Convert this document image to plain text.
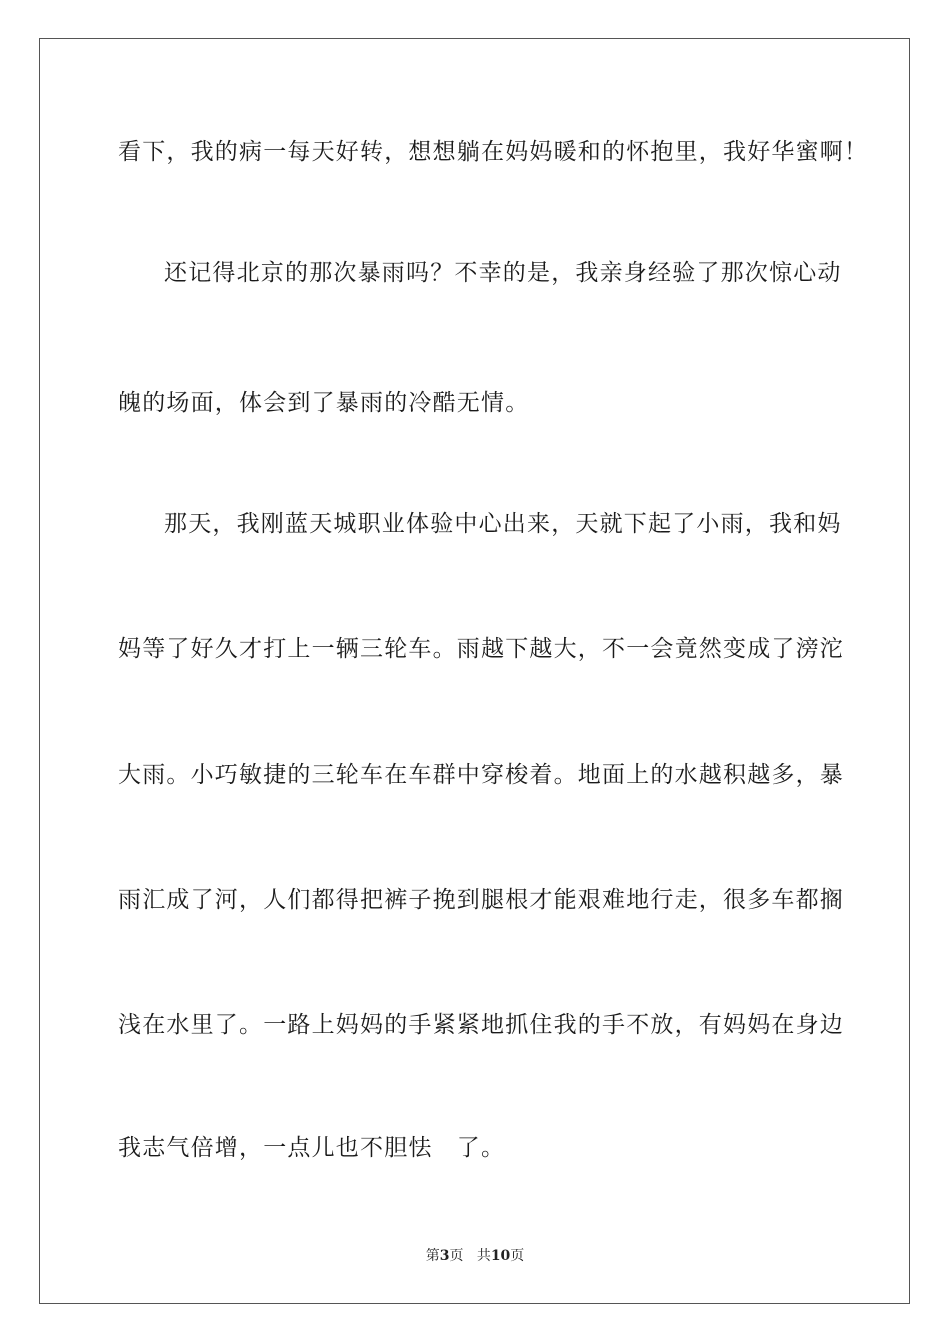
看下，我的病一每天好转，想想躺在妈妈暖和的怀抱里，我好华蜜啊！
还记得北京的那次暴雨吗？不幸的是，我亲身经验了那次惊心动
魄的场面，体会到了暴雨的冷酷无情。
那天，我刚蓝天城职业体验中心出来，天就下起了小雨，我和妈
妈等了好久才打上一辆三轮车。雨越下越大，不一会竟然变成了滂沱
大雨。小巧敏捷的三轮车在车群中穿梭着。地面上的水越积越多，暴
雨汇成了河，人们都得把裤子挽到腿根才能艰难地行走，很多车都搁
浅在水里了。一路上妈妈的手紧紧地抓住我的手不放，有妈妈在身边
我志气倍增，一点儿也不胆怯　了。
第3页 共10页
